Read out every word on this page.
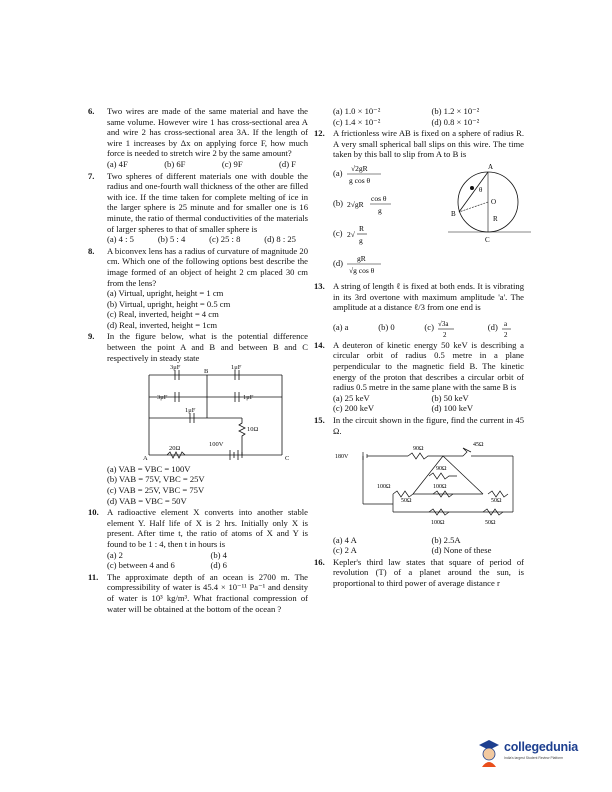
6. Two wires are made of the same material and have the same volume. However wire 1 has cross-sectional area A and wire 2 has cross-sectional area 3A. If the length of wire 1 increases by Δx on applying force F, how much force is needed to stretch wire 2 by the same amount?
(a) 4F	(b) 6F	(c) 9F	(d) F
7. Two spheres of different materials one with double the radius and one-fourth wall thickness of the other are filled with ice. If the time taken for complete melting of ice in the larger sphere is 25 minute and for smaller one is 16 minute, the ratio of thermal conductivities of the materials of larger spheres to that of smaller sphere is
(a) 4 : 5	(b) 5 : 4	(c) 25 : 8	(d) 8 : 25
8. A biconvex lens has a radius of curvature of magnitude 20 cm. Which one of the following options best describe the image formed of an object of height 2 cm placed 30 cm from the lens?
(a) Virtual, upright, height = 1 cm
(b) Virtual, upright, height = 0.5 cm
(c) Real, inverted, height = 4 cm
(d) Real, inverted, height = 1cm
9. In the figure below, what is the potential difference between the point A and B and between B and C respectively in steady state
3μF	1μF
B
3μF	1μF
1μF
10Ω
20Ω
100V
A	C
(a) VAB = VBC = 100V
(b) VAB = 75V, VBC = 25V
(c) VAB = 25V, VBC = 75V
(d) VAB = VBC = 50V
10. A radioactive element X converts into another stable element Y. Half life of X is 2 hrs. Initially only X is present. After time t, the ratio of atoms of X and Y is found to be 1 : 4, then t in hours is
(a) 2	(b) 4
(c) between 4 and 6	(d) 6
11. The approximate depth of an ocean is 2700 m. The compressibility of water is 45.4 × 10⁻¹¹ Pa⁻¹ and density of water is 10³ kg/m³. What fractional compression of water will be obtained at the bottom of the ocean ?
(a) 1.0 × 10⁻²	(b) 1.2 × 10⁻²
(c) 1.4 × 10⁻²	(d) 0.8 × 10⁻²
12. A frictionless wire AB is fixed on a sphere of radius R. A very small spherical ball slips on this wire. The time taken by this ball to slip from A to B is
(a) √2gR
g cos θ
(b) 2√gR
cos θ
g
(c) 2√
R
g
(d) gR
√g cos θ
A
B
C
R
O
θ
13. A string of length ℓ is fixed at both ends. It is vibrating in its 3rd overtone with maximum amplitude 'a'. The amplitude at a distance ℓ/3 from one end is
(a) a	(b) 0	(c) √3a
2
(d) a
2
14. A deuteron of kinetic energy 50 keV is describing a circular orbit of radius 0.5 metre in a plane perpendicular to the magnetic field B. The kinetic energy of the proton that describes a circular orbit of radius 0.5 metre in the same plane with the same B is
(a) 25 keV	(b) 50 keV
(c) 200 keV	(d) 100 keV
15. In the circuit shown in the figure, find the current in 45 Ω.
180V
90Ω
45Ω
90Ω
100Ω
50Ω
100Ω
50Ω
100Ω	50Ω
(a) 4 A	(b) 2.5A
(c) 2 A	(d) None of these
16. Kepler's third law states that square of period of revolution (T) of a planet around the sun, is proportional to third power of average distance r
collegedunia
India's largest Student Review Platform
